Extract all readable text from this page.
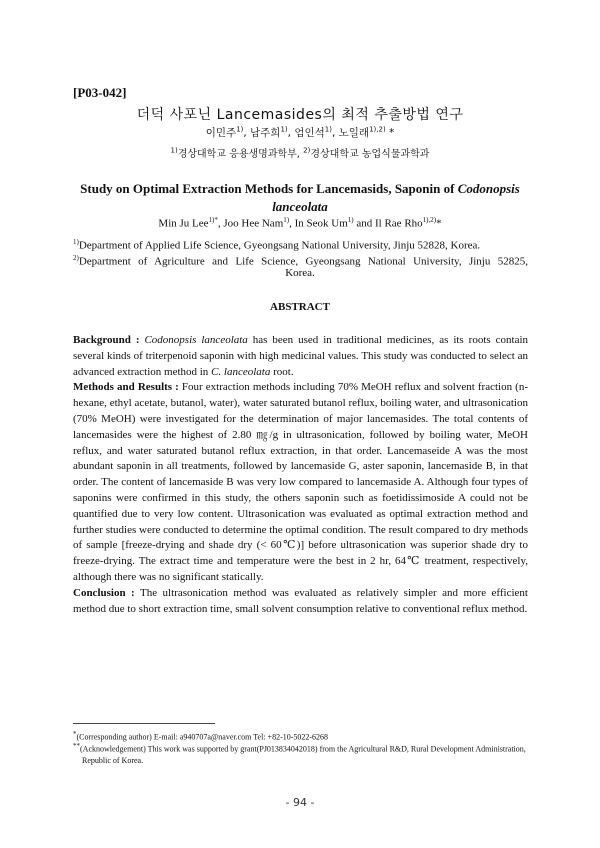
[P03-042]
더덕 사포닌 Lancemasides의 최적 추출방법 연구
이민주$^{1)}$, 남주희$^{1)}$, 엄인석$^{1)}$, 노일래$^{1),2)}$ *
$^{1)}$경상대학교 응용생명과학부, $^{2)}$경상대학교 농업식물과학과
Study on Optimal Extraction Methods for Lancemasids, Saponin of Codonopsis lanceolata
Min Ju Lee$^{1)*}$, Joo Hee Nam$^{1)}$, In Seok Um$^{1)}$ and Il Rae Rho$^{1),2)}$*
$^{1)}$Department of Applied Life Science, Gyeongsang National University, Jinju 52828, Korea.
$^{2)}$Department of Agriculture and Life Science, Gyeongsang National University, Jinju 52825,
Korea.
ABSTRACT

Background : Codonopsis lanceolata has been used in traditional medicines, as its roots contain several kinds of triterpenoid saponin with high medicinal values. This study was conducted to select an advanced extraction method in C. lanceolata root.

Methods and Results : Four extraction methods including 70% MeOH reflux and solvent fraction (n-hexane, ethyl acetate, butanol, water), water saturated butanol reflux, boiling water, and ultrasonication (70% MeOH) were investigated for the determination of major lancemasides. The total contents of lancemasides were the highest of 2.80 ㎎/g in ultrasonication, followed by boiling water, MeOH reflux, and water saturated butanol reflux extraction, in that order. Lancemaseide A was the most abundant saponin in all treatments, followed by lancemaside G, aster saponin, lancemaside B, in that order. The content of lancemaside B was very low compared to lancemaside A. Although four types of saponins were confirmed in this study, the others saponin such as foetidissimoside A could not be quantified due to very low content. Ultrasonication was evaluated as optimal extraction method and further studies were conducted to determine the optimal condition. The result compared to dry methods of sample [freeze-drying and shade dry (< 60℃)] before ultrasonication was superior shade dry to freeze-drying. The extract time and temperature were the best in 2 hr, 64℃ treatment, respectively, although there was no significant statically.

Conclusion : The ultrasonication method was evaluated as relatively simpler and more efficient method due to short extraction time, small solvent consumption relative to conventional reflux method.

*(Corresponding author) E-mail: a940707a@naver.com Tel: +82-10-5022-6268
**(Acknowledgement) This work was supported by grant(PJ013834042018) from the Agricultural R&D, Rural Development Administration, Republic of Korea.
- 94 -
